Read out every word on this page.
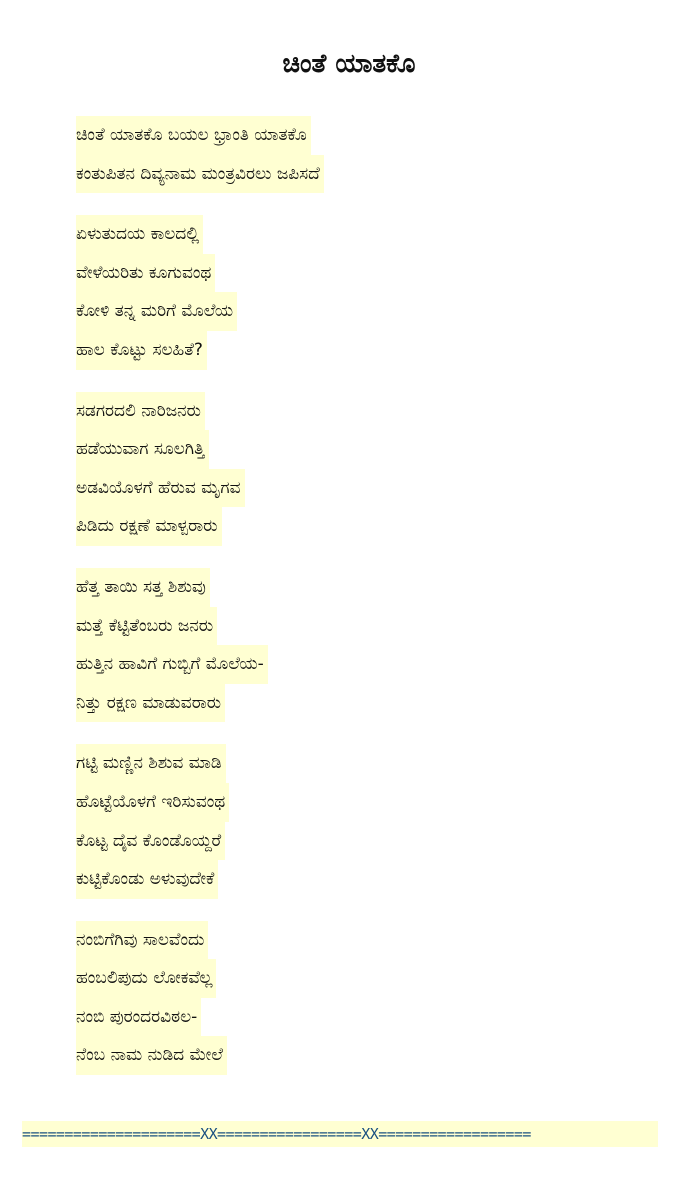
ಚಿಂತೆ ಯಾತಕೊ
ಚಿಂತೆ ಯಾತಕೊ ಬಯಲ ಭ್ರಾಂತಿ ಯಾತಕೊ
ಕಂತುಪಿತನ ದಿವ್ಯನಾಮ ಮಂತ್ರವಿರಲು ಜಪಿಸದೆ
ಏಳುತುದಯ ಕಾಲದಲ್ಲಿ
ವೇಳೆಯರಿತು ಕೂಗುವಂಥ
ಕೋಳಿ ತನ್ನ ಮರಿಗೆ ಮೊಲೆಯ
ಹಾಲ ಕೊಟ್ಟು ಸಲಹಿತೆ?
ಸಡಗರದಲಿ ನಾರಿಜನರು
ಹಡೆಯುವಾಗ ಸೂಲಗಿತ್ತಿ
ಅಡವಿಯೊಳಗೆ ಹೆರುವ ಮೃಗವ
ಪಿಡಿದು ರಕ್ಷಣೆ ಮಾಳ್ಪರಾರು
ಹೆತ್ತ ತಾಯಿ ಸತ್ತ ಶಿಶುವು
ಮತ್ತೆ ಕೆಟ್ಟಿತೆಂಬರು ಜನರು
ಹುತ್ತಿನ ಹಾವಿಗೆ ಗುಬ್ಬಿಗೆ ಮೊಲೆಯ-
ನಿತ್ತು ರಕ್ಷಣ ಮಾಡುವರಾರು
ಗಟ್ಟಿ ಮಣ್ಣಿನ ಶಿಶುವ ಮಾಡಿ
ಹೊಟ್ಟೆಯೊಳಗೆ ಇರಿಸುವಂಥ
ಕೊಟ್ಟ ದೈವ ಕೊಂಡೊಯ್ದರೆ
ಕುಟ್ಟಿಕೊಂಡು ಅಳುವುದೇಕೆ
ನಂಬಿಗೆಗಿವು ಸಾಲವೆಂದು
ಹಂಬಲಿಪುದು ಲೋಕವೆಲ್ಲ
ನಂಬಿ ಪುರಂದರವಿಠಲ-
ನೆಂಬ ನಾಮ ನುಡಿದ ಮೇಲೆ
=====================XX=================XX==================
